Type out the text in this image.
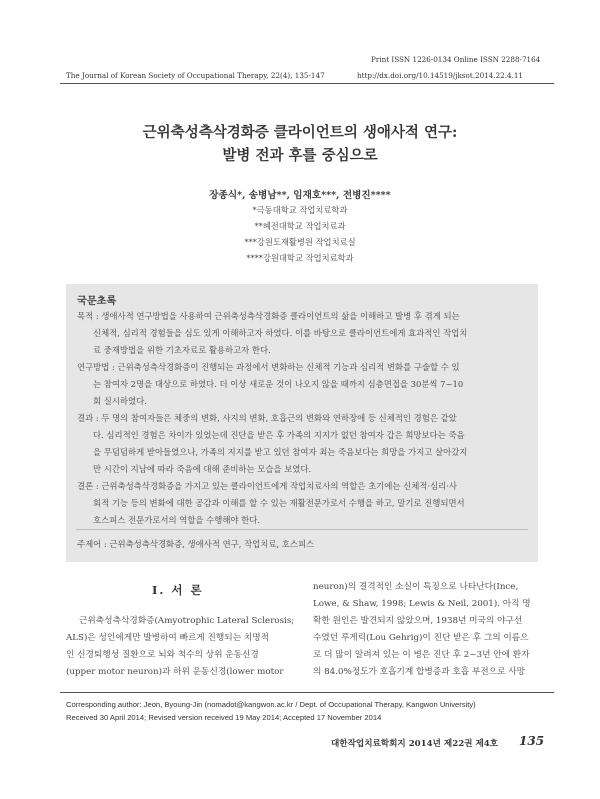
Print ISSN 1226-0134 Online ISSN 2288-7164
The Journal of Korean Society of Occupational Therapy, 22(4), 135-147	http://dx.doi.org/10.14519/jksot.2014.22.4.11
근위축성측삭경화증 클라이언트의 생애사적 연구:
발병 전과 후를 중심으로
장종식*, 송병남**, 임재호***, 전병진****
*극동대학교 작업치료학과
**혜전대학교 작업치료과
***강원도재활병원 작업치료실
****강원대학교 작업치료학과
국문초록
목적 : 생애사적 연구방법을 사용하여 근위축성측삭경화증 클라이언트의 삶을 이해하고 발병 후 겪게 되는
신체적, 심리적 경험들을 심도 있게 이해하고자 하였다. 이를 바탕으로 클라이언트에게 효과적인 작업치
료 중재방법을 위한 기초자료로 활용하고자 한다.
연구방법 : 근위축성측삭경화증이 진행되는 과정에서 변화하는 신체적 기능과 심리적 변화를 구술할 수 있
는 참여자 2명을 대상으로 하였다. 더 이상 새로운 것이 나오지 않을 때까지 심층면접을 30분씩 7~10
회 실시하였다.
결과 : 두 명의 참여자들은 체중의 변화, 사지의 변화, 호흡근의 변화와 연하장애 등 신체적인 경험은 같았
다. 심리적인 경험은 차이가 있었는데 진단을 받은 후 가족의 지지가 없던 참여자 갑은 희망보다는 죽음
을 무덤덤하게 받아들였으나, 가족의 지지를 받고 있던 참여자 최는 죽음보다는 희망을 가지고 살아갔지
만 시간이 지남에 따라 죽음에 대해 준비하는 모습을 보였다.
결론 : 근위축성측삭경화증을 가지고 있는 클라이언트에게 작업치료사의 역할은 초기에는 신체적·심리·사
회적 기능 등의 변화에 대한 공감과 이해를 할 수 있는 재활전문가로서 수행을 하고, 말기로 진행되면서
호스피스 전문가로서의 역할을 수행해야 한다.
주제어 : 근위축성측삭경화증, 생애사적 연구, 작업치료, 호스피스
Ⅰ. 서 론
근위축성측삭경화증(Amyotrophic Lateral Sclerosis;
ALS)은 성인에게만 발병하여 빠르게 진행되는 치명적
인 신경퇴행성 질환으로 뇌와 척수의 상위 운동신경
(upper motor neuron)과 하위 운동신경(lower motor
neuron)의 결격적인 소실이 특징으로 나타난다(Ince,
Lowe, & Shaw, 1998; Lewis & Neil, 2001). 아직 명
확한 원인은 발견되지 않았으며, 1938년 미국의 야구선
수였던 루게릭(Lou Gehrig)이 진단 받은 후 그의 이름으
로 더 많이 알려져 있는 이 병은 진단 후 2~3년 안에 환자
의 84.0%정도가 호흡기계 합병증과 호흡 부전으로 사망
Corresponding author: Jeon, Byoung-Jin (nomadot@kangwon.ac.kr / Dept. of Occupational Therapy, Kangwon University)
Received 30 April 2014; Revised version received 19 May 2014; Accepted 17 November 2014
대한작업치료학회지 2014년 제22권 제4호 135
